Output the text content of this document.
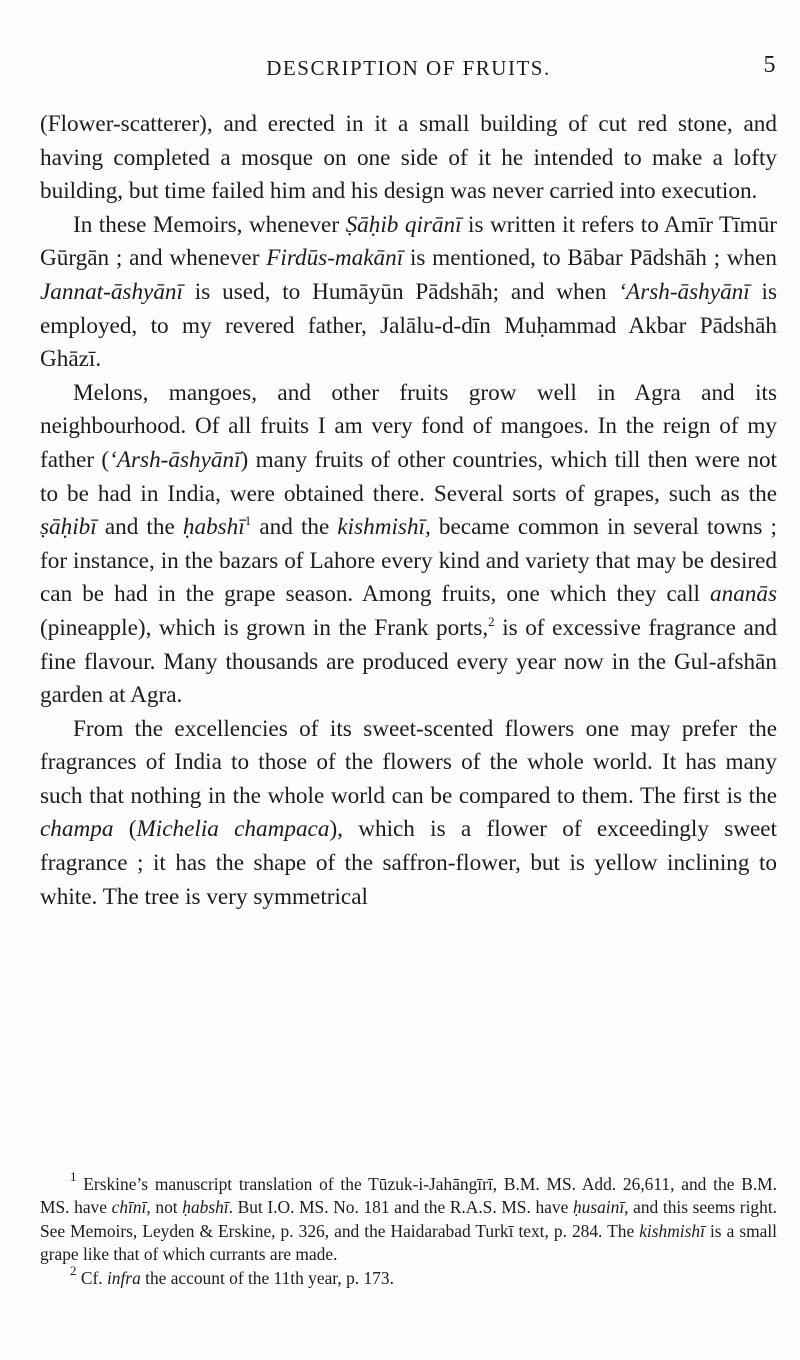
DESCRIPTION OF FRUITS.	5

(Flower-scatterer), and erected in it a small building of cut red stone, and having completed a mosque on one side of it he intended to make a lofty building, but time failed him and his design was never carried into execution.

In these Memoirs, whenever Ṣāḥib qirānī is written it refers to Amīr Tīmūr Gūrgān ; and whenever Firdūs-makānī is mentioned, to Bābar Pādshāh ; when Jannat-āshyānī is used, to Humāyūn Pādshāh; and when ‘Arsh-āshyānī is employed, to my revered father, Jalālu-d-dīn Muḥammad Akbar Pādshāh Ghāzī.

Melons, mangoes, and other fruits grow well in Agra and its neighbourhood. Of all fruits I am very fond of mangoes. In the reign of my father (‘Arsh-āshyānī) many fruits of other countries, which till then were not to be had in India, were obtained there. Several sorts of grapes, such as the ṣāḥibī and the ḥabshī$^1$ and the kishmishī, became common in several towns ; for instance, in the bazars of Lahore every kind and variety that may be desired can be had in the grape season. Among fruits, one which they call ananās (pineapple), which is grown in the Frank ports,$^2$ is of excessive fragrance and fine flavour. Many thousands are produced every year now in the Gul-afshān garden at Agra.

From the excellencies of its sweet-scented flowers one may prefer the fragrances of India to those of the flowers of the whole world. It has many such that nothing in the whole world can be compared to them. The first is the champa (Michelia champaca), which is a flower of exceedingly sweet fragrance ; it has the shape of the saffron-flower, but is yellow inclining to white. The tree is very symmetrical

$^1$ Erskine’s manuscript translation of the Tūzuk-i-Jahāngīrī, B.M. MS. Add. 26,611, and the B.M. MS. have chīnī, not ḥabshī. But I.O. MS. No. 181 and the R.A.S. MS. have ḥusainī, and this seems right. See Memoirs, Leyden & Erskine, p. 326, and the Haidarabad Turkī text, p. 284. The kishmishī is a small grape like that of which currants are made.

$^2$ Cf. infra the account of the 11th year, p. 173.
